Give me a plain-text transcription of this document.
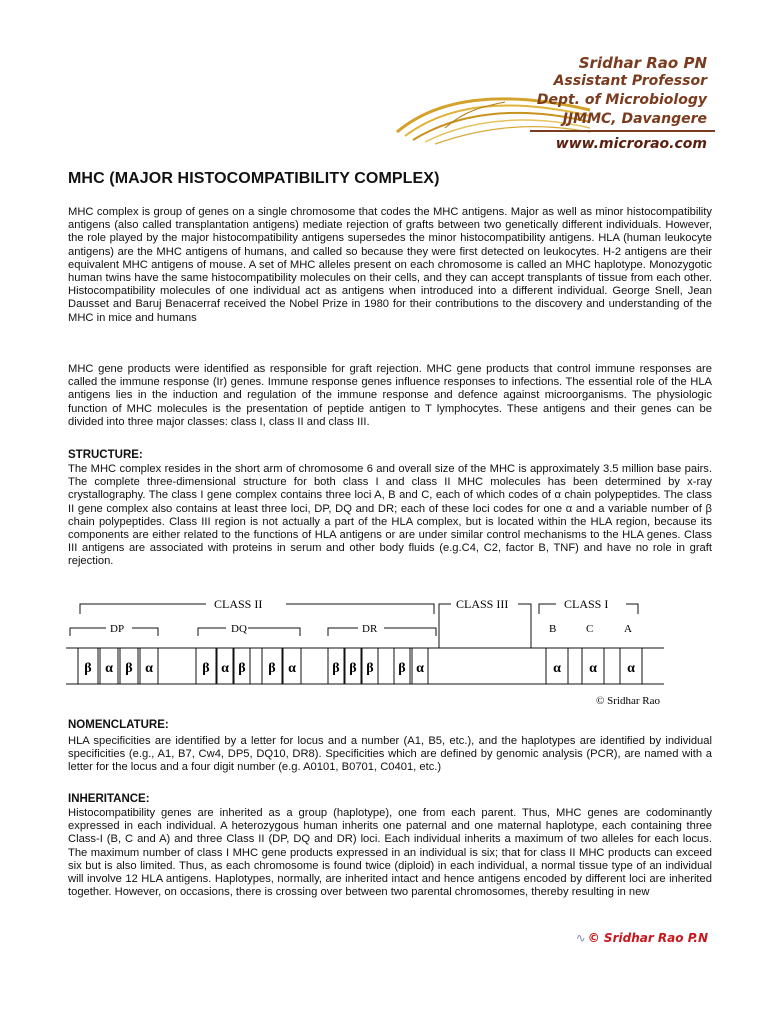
Sridhar Rao PN
Assistant Professor
Dept. of Microbiology
JJMMC, Davangere
www.microrao.com
MHC (MAJOR HISTOCOMPATIBILITY COMPLEX)

MHC complex is group of genes on a single chromosome that codes the MHC antigens. Major as well as minor histocompatibility antigens (also called transplantation antigens) mediate rejection of grafts between two genetically different individuals. However, the role played by the major histocompatibility antigens supersedes the minor histocompatibility antigens. HLA (human leukocyte antigens) are the MHC antigens of humans, and called so because they were first detected on leukocytes. H-2 antigens are their equivalent MHC antigens of mouse. A set of MHC alleles present on each chromosome is called an MHC haplotype. Monozygotic human twins have the same histocompatibility molecules on their cells, and they can accept transplants of tissue from each other. Histocompatibility molecules of one individual act as antigens when introduced into a different individual. George Snell, Jean Dausset and Baruj Benacerraf received the Nobel Prize in 1980 for their contributions to the discovery and understanding of the MHC in mice and humans

MHC gene products were identified as responsible for graft rejection. MHC gene products that control immune responses are called the immune response (Ir) genes. Immune response genes influence responses to infections. The essential role of the HLA antigens lies in the induction and regulation of the immune response and defence against microorganisms. The physiologic function of MHC molecules is the presentation of peptide antigen to T lymphocytes. These antigens and their genes can be divided into three major classes: class I, class II and class III.

STRUCTURE:

The MHC complex resides in the short arm of chromosome 6 and overall size of the MHC is approximately 3.5 million base pairs. The complete three-dimensional structure for both class I and class II MHC molecules has been determined by x-ray crystallography. The class I gene complex contains three loci A, B and C, each of which codes of α chain polypeptides. The class II gene complex also contains at least three loci, DP, DQ and DR; each of these loci codes for one α and a variable number of β chain polypeptides. Class III region is not actually a part of the HLA complex, but is located within the HLA region, because its components are either related to the functions of HLA antigens or are under similar control mechanisms to the HLA genes. Class III antigens are associated with proteins in serum and other body fluids (e.g.C4, C2, factor B, TNF) and have no role in graft rejection.

CLASS II	CLASS III	CLASS I
DP	DQ	DR	B	C	A
β α β α	β α β β α	β β β β α	α α α
© Sridhar Rao
NOMENCLATURE:

HLA specificities are identified by a letter for locus and a number (A1, B5, etc.), and the haplotypes are identified by individual specificities (e.g., A1, B7, Cw4, DP5, DQ10, DR8). Specificities which are defined by genomic analysis (PCR), are named with a letter for the locus and a four digit number (e.g. A0101, B0701, C0401, etc.)

INHERITANCE:

Histocompatibility genes are inherited as a group (haplotype), one from each parent. Thus, MHC genes are codominantly expressed in each individual. A heterozygous human inherits one paternal and one maternal haplotype, each containing three Class-I (B, C and A) and three Class II (DP, DQ and DR) loci. Each individual inherits a maximum of two alleles for each locus. The maximum number of class I MHC gene products expressed in an individual is six; that for class II MHC products can exceed six but is also limited. Thus, as each chromosome is found twice (diploid) in each individual, a normal tissue type of an individual will involve 12 HLA antigens. Haplotypes, normally, are inherited intact and hence antigens encoded by different loci are inherited together. However, on occasions, there is crossing over between two parental chromosomes, thereby resulting in new

∿ © Sridhar Rao P.N
